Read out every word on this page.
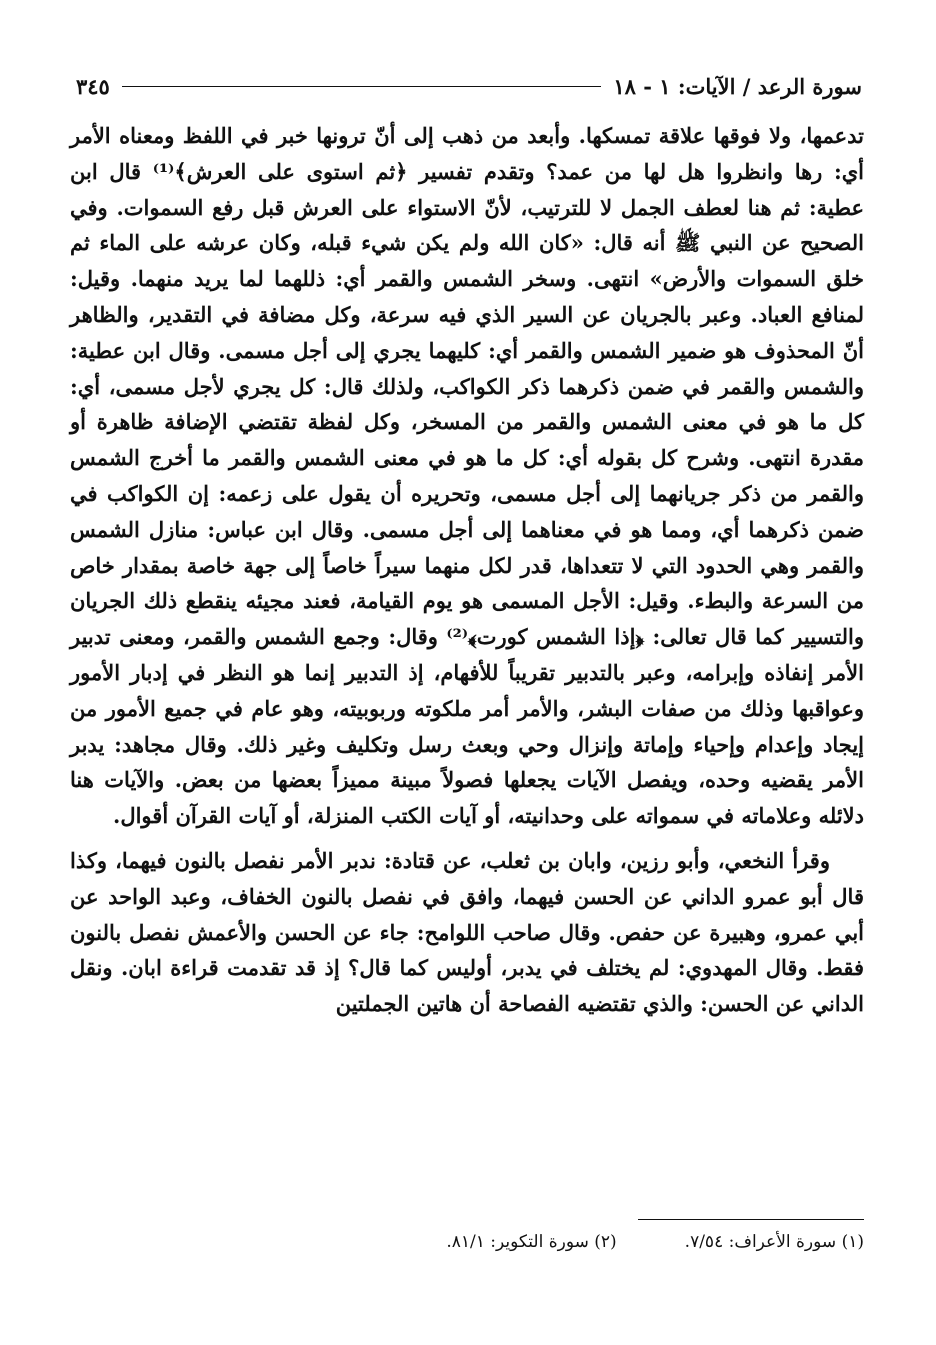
سورة الرعد / الآيات: ١ - ١٨
٣٤٥

تدعمها، ولا فوقها علاقة تمسكها. وأبعد من ذهب إلى أنّ ترونها خبر في اللفظ ومعناه الأمر أي: رها وانظروا هل لها من عمد؟ وتقدم تفسير ﴿ثم استوى على العرش﴾⁽¹⁾ قال ابن عطية: ثم هنا لعطف الجمل لا للترتيب، لأنّ الاستواء على العرش قبل رفع السموات. وفي الصحيح عن النبي ﷺ أنه قال: «كان الله ولم يكن شيء قبله، وكان عرشه على الماء ثم خلق السموات والأرض» انتهى. وسخر الشمس والقمر أي: ذللهما لما يريد منهما. وقيل: لمنافع العباد. وعبر بالجريان عن السير الذي فيه سرعة، وكل مضافة في التقدير، والظاهر أنّ المحذوف هو ضمير الشمس والقمر أي: كليهما يجري إلى أجل مسمى. وقال ابن عطية: والشمس والقمر في ضمن ذكرهما ذكر الكواكب، ولذلك قال: كل يجري لأجل مسمى، أي: كل ما هو في معنى الشمس والقمر من المسخر، وكل لفظة تقتضي الإضافة ظاهرة أو مقدرة انتهى. وشرح كل بقوله أي: كل ما هو في معنى الشمس والقمر ما أخرج الشمس والقمر من ذكر جريانهما إلى أجل مسمى، وتحريره أن يقول على زعمه: إن الكواكب في ضمن ذكرهما أي، ومما هو في معناهما إلى أجل مسمى. وقال ابن عباس: منازل الشمس والقمر وهي الحدود التي لا تتعداها، قدر لكل منهما سيراً خاصاً إلى جهة خاصة بمقدار خاص من السرعة والبطء. وقيل: الأجل المسمى هو يوم القيامة، فعند مجيئه ينقطع ذلك الجريان والتسيير كما قال تعالى: ﴿إذا الشمس كورت﴾⁽²⁾ وقال: وجمع الشمس والقمر، ومعنى تدبير الأمر إنفاذه وإبرامه، وعبر بالتدبير تقريباً للأفهام، إذ التدبير إنما هو النظر في إدبار الأمور وعواقبها وذلك من صفات البشر، والأمر أمر ملكوته وربوبيته، وهو عام في جميع الأمور من إيجاد وإعدام وإحياء وإماتة وإنزال وحي وبعث رسل وتكليف وغير ذلك. وقال مجاهد: يدبر الأمر يقضيه وحده، ويفصل الآيات يجعلها فصولاً مبينة مميزاً بعضها من بعض. والآيات هنا دلائله وعلاماته في سمواته على وحدانيته، أو آيات الكتب المنزلة، أو آيات القرآن أقوال.

وقرأ النخعي، وأبو رزين، وابان بن ثعلب، عن قتادة: ندبر الأمر نفصل بالنون فيهما، وكذا قال أبو عمرو الداني عن الحسن فيهما، وافق في نفصل بالنون الخفاف، وعبد الواحد عن أبي عمرو، وهبيرة عن حفص. وقال صاحب اللوامح: جاء عن الحسن والأعمش نفصل بالنون فقط. وقال المهدوي: لم يختلف في يدبر، أوليس كما قال؟ إذ قد تقدمت قراءة ابان. ونقل الداني عن الحسن: والذي تقتضيه الفصاحة أن هاتين الجملتين

(١) سورة الأعراف: ٧/٥٤.
(٢) سورة التكوير: ٨١/١.
